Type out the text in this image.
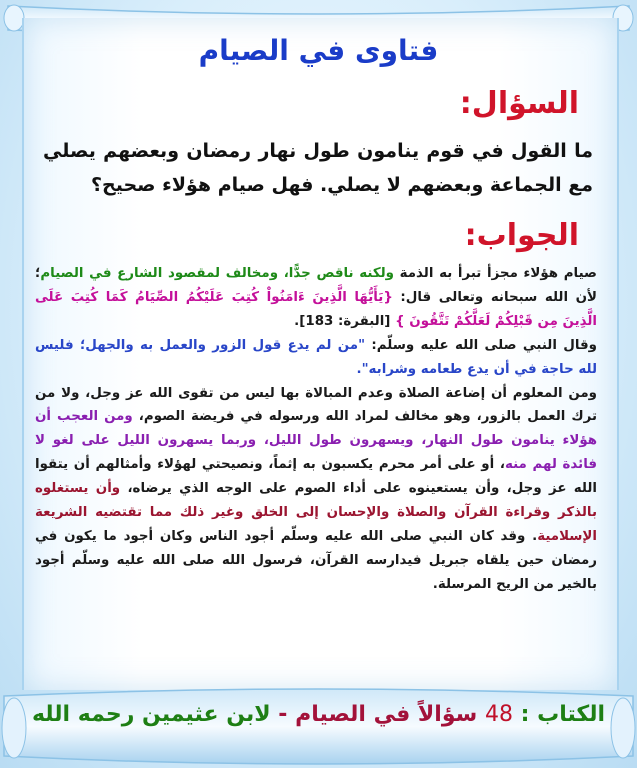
فتاوى في الصيام
السؤال:
ما القول في قوم ينامون طول نهار رمضان وبعضهم يصلي مع الجماعة وبعضهم لا يصلي. فهل صيام هؤلاء صحيح؟
الجواب:

صيام هؤلاء مجزأ تبرأ به الذمة ولكنه ناقص جدًّا، ومخالف لمقصود الشارع في الصيام؛ لأن الله سبحانه وتعالى قال: {يَأَيُّهَا الَّذِينَ ءَامَنُواْ كُتِبَ عَلَيْكُمُ الصِّيَامُ كَمَا كُتِبَ عَلَى الَّذِينَ مِن قَبْلِكُمْ لَعَلَّكُمْ تَتَّقُونَ } [البقرة: 183].

وقال النبي صلى الله عليه وسلّم: "من لم يدع قول الزور والعمل به والجهل؛ فليس لله حاجة في أن يدع طعامه وشرابه".

ومن المعلوم أن إضاعة الصلاة وعدم المبالاة بها ليس من تقوى الله عز وجل، ولا من ترك العمل بالزور، وهو مخالف لمراد الله ورسوله في فريضة الصوم، ومن العجب أن هؤلاء ينامون طول النهار، ويسهرون طول الليل، وربما يسهرون الليل على لغو لا فائدة لهم منه، أو على أمر محرم يكسبون به إثماً، ونصيحتي لهؤلاء وأمثالهم أن يتقوا الله عز وجل، وأن يستعينوه على أداء الصوم على الوجه الذي يرضاه، وأن يستغلوه بالذكر وقراءة القرآن والصلاة والإحسان إلى الخلق وغير ذلك مما تقتضيه الشريعة الإسلامية. وقد كان النبي صلى الله عليه وسلّم أجود الناس وكان أجود ما يكون في رمضان حين يلقاه جبريل فيدارسه القرآن، فرسول الله صلى الله عليه وسلّم أجود بالخير من الريح المرسلة.

الكتاب : 48 سؤالاً في الصيام - لابن عثيمين رحمه الله
